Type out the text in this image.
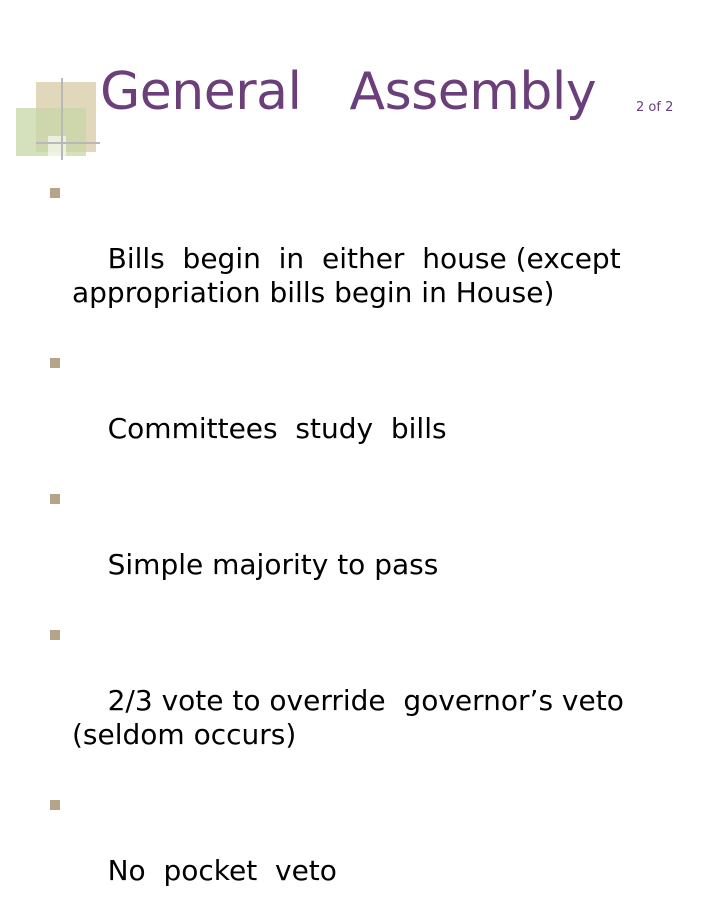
General   Assembly	2 of 2

Bills  begin  in  either  house (except appropriation bills begin in House)

Committees  study  bills

Simple majority to pass

2/3 vote to override  governor’s veto (seldom occurs)

No  pocket  veto
